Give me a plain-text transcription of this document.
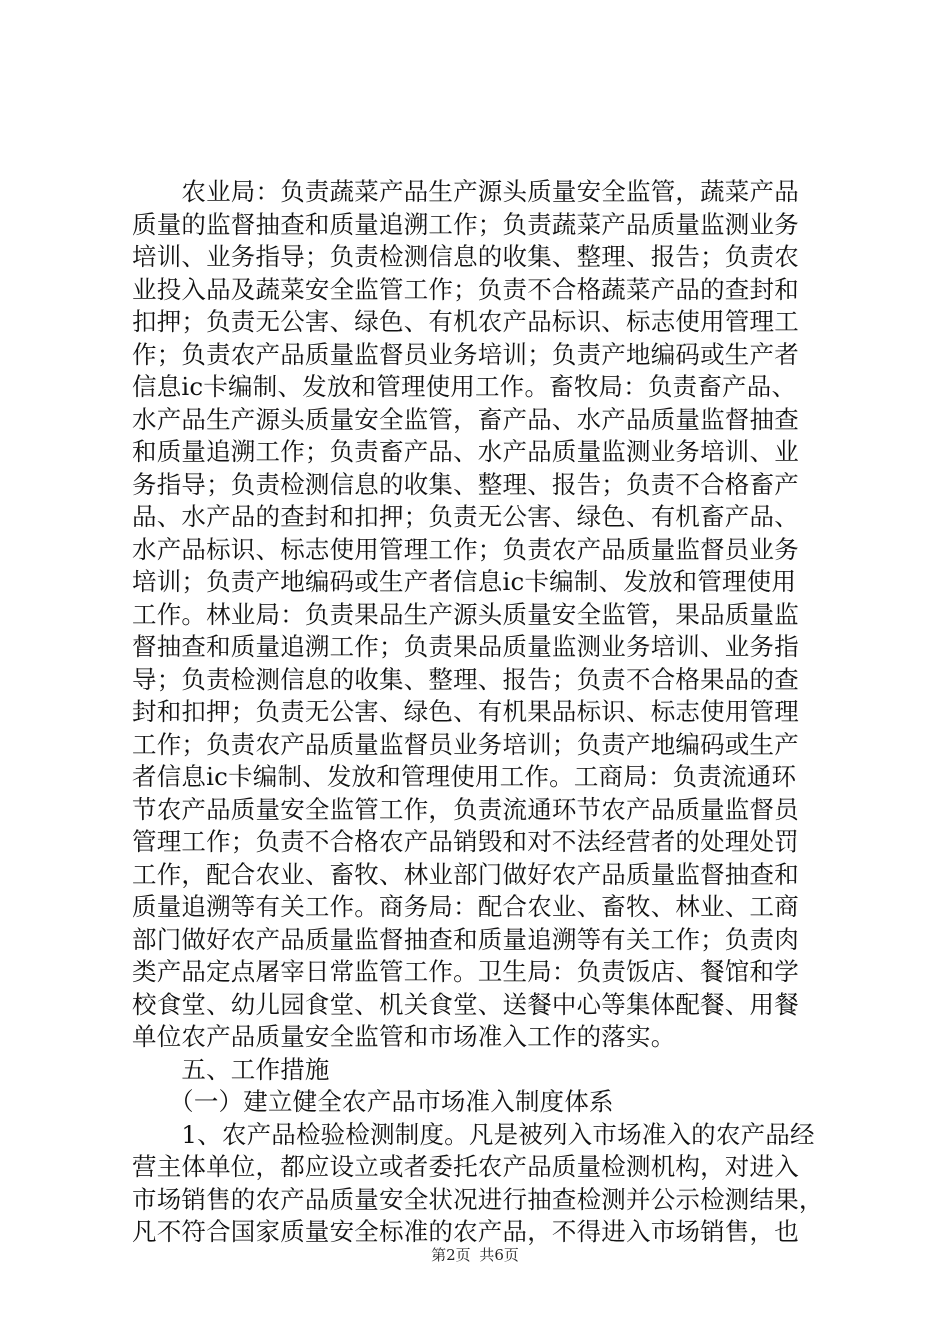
　　农业局：负责蔬菜产品生产源头质量安全监管，蔬菜产品
质量的监督抽查和质量追溯工作；负责蔬菜产品质量监测业务
培训、业务指导；负责检测信息的收集、整理、报告；负责农
业投入品及蔬菜安全监管工作；负责不合格蔬菜产品的查封和
扣押；负责无公害、绿色、有机农产品标识、标志使用管理工
作；负责农产品质量监督员业务培训；负责产地编码或生产者
信息ic卡编制、发放和管理使用工作。畜牧局：负责畜产品、
水产品生产源头质量安全监管，畜产品、水产品质量监督抽查
和质量追溯工作；负责畜产品、水产品质量监测业务培训、业
务指导；负责检测信息的收集、整理、报告；负责不合格畜产
品、水产品的查封和扣押；负责无公害、绿色、有机畜产品、
水产品标识、标志使用管理工作；负责农产品质量监督员业务
培训；负责产地编码或生产者信息ic卡编制、发放和管理使用
工作。林业局：负责果品生产源头质量安全监管，果品质量监
督抽查和质量追溯工作；负责果品质量监测业务培训、业务指
导；负责检测信息的收集、整理、报告；负责不合格果品的查
封和扣押；负责无公害、绿色、有机果品标识、标志使用管理
工作；负责农产品质量监督员业务培训；负责产地编码或生产
者信息ic卡编制、发放和管理使用工作。工商局：负责流通环
节农产品质量安全监管工作，负责流通环节农产品质量监督员
管理工作；负责不合格农产品销毁和对不法经营者的处理处罚
工作，配合农业、畜牧、林业部门做好农产品质量监督抽查和
质量追溯等有关工作。商务局：配合农业、畜牧、林业、工商
部门做好农产品质量监督抽查和质量追溯等有关工作；负责肉
类产品定点屠宰日常监管工作。卫生局：负责饭店、餐馆和学
校食堂、幼儿园食堂、机关食堂、送餐中心等集体配餐、用餐
单位农产品质量安全监管和市场准入工作的落实。
　　五、工作措施
　　（一）建立健全农产品市场准入制度体系
　　1、农产品检验检测制度。凡是被列入市场准入的农产品经
营主体单位，都应设立或者委托农产品质量检测机构，对进入
市场销售的农产品质量安全状况进行抽查检测并公示检测结果，
凡不符合国家质量安全标准的农产品，不得进入市场销售，也
第2页 共6页
